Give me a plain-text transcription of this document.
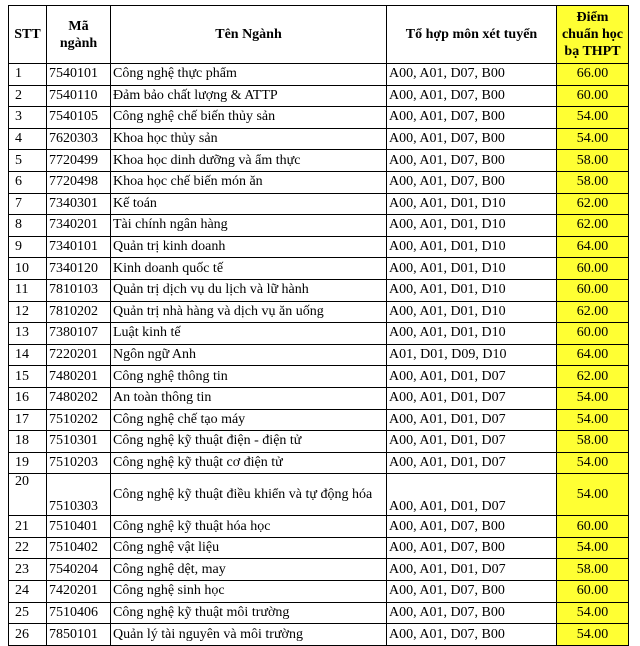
STT	Mã ngành	Tên Ngành	Tổ hợp môn xét tuyển	Điểm chuẩn học bạ THPT
1	7540101	Công nghệ thực phẩm	A00, A01, D07, B00	66.00
2	7540110	Đảm bảo chất lượng & ATTP	A00, A01, D07, B00	60.00
3	7540105	Công nghệ chế biến thủy sản	A00, A01, D07, B00	54.00
4	7620303	Khoa học thủy sản	A00, A01, D07, B00	54.00
5	7720499	Khoa học dinh dưỡng và ẩm thực	A00, A01, D07, B00	58.00
6	7720498	Khoa học chế biến món ăn	A00, A01, D07, B00	58.00
7	7340301	Kế toán	A00, A01, D01, D10	62.00
8	7340201	Tài chính ngân hàng	A00, A01, D01, D10	62.00
9	7340101	Quản trị kinh doanh	A00, A01, D01, D10	64.00
10	7340120	Kinh doanh quốc tế	A00, A01, D01, D10	60.00
11	7810103	Quản trị dịch vụ du lịch và lữ hành	A00, A01, D01, D10	60.00
12	7810202	Quản trị nhà hàng và dịch vụ ăn uống	A00, A01, D01, D10	62.00
13	7380107	Luật kinh tế	A00, A01, D01, D10	60.00
14	7220201	Ngôn ngữ Anh	A01, D01, D09, D10	64.00
15	7480201	Công nghệ thông tin	A00, A01, D01, D07	62.00
16	7480202	An toàn thông tin	A00, A01, D01, D07	54.00
17	7510202	Công nghệ chế tạo máy	A00, A01, D01, D07	54.00
18	7510301	Công nghệ kỹ thuật điện - điện tử	A00, A01, D01, D07	58.00
19	7510203	Công nghệ kỹ thuật cơ điện tử	A00, A01, D01, D07	54.00
20	7510303	Công nghệ kỹ thuật điều khiển và tự động hóa	A00, A01, D01, D07	54.00
21	7510401	Công nghệ kỹ thuật hóa học	A00, A01, D07, B00	60.00
22	7510402	Công nghệ vật liệu	A00, A01, D07, B00	54.00
23	7540204	Công nghệ dệt, may	A00, A01, D01, D07	58.00
24	7420201	Công nghệ sinh học	A00, A01, D07, B00	60.00
25	7510406	Công nghệ kỹ thuật môi trường	A00, A01, D07, B00	54.00
26	7850101	Quản lý tài nguyên và môi trường	A00, A01, D07, B00	54.00
